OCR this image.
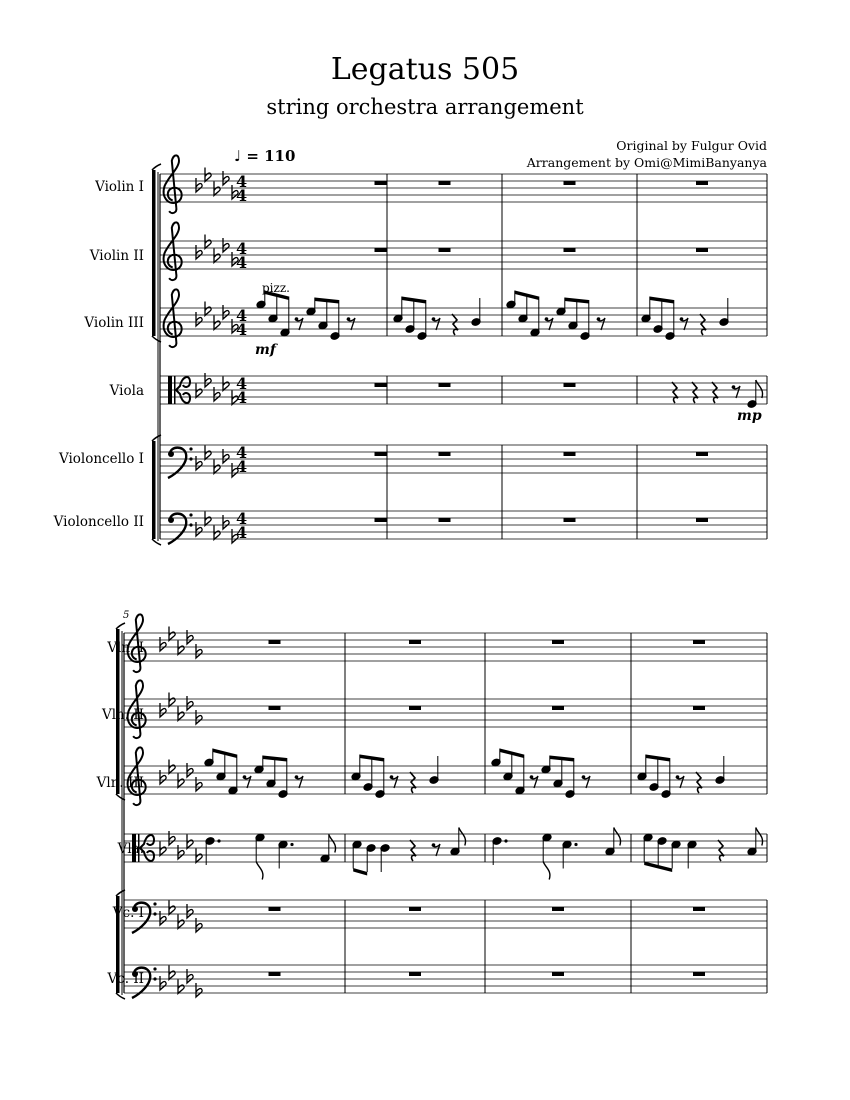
4
4
4
4
4
4
4
4
4
4
4
4
Legatus 505
string orchestra arrangement
Original by Fulgur Ovid
Arrangement by Omi@MimiBanyanya
♩ = 110
Violin I
Violin II
Violin III
Viola
Violoncello I
Violoncello II
Vln. I
Vln. II
Vln. III
Vla.
Vc. I
Vc. II
pizz.
mf
mp
5
